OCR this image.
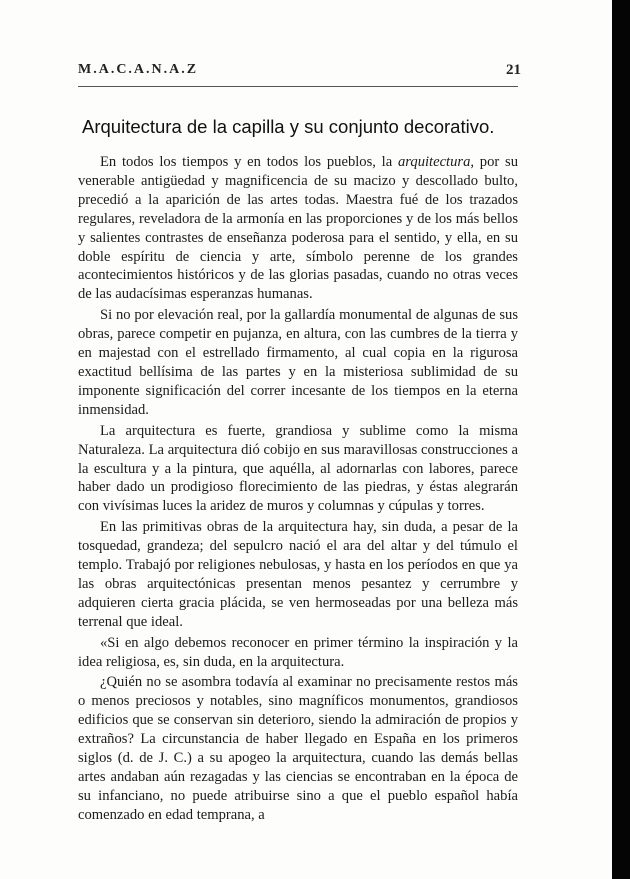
M.A.C.A.N.A.Z	21
Arquitectura de la capilla y su conjunto decorativo.

En todos los tiempos y en todos los pueblos, la arquitectura, por su venerable antigüedad y magnificencia de su macizo y descollado bulto, precedió a la aparición de las artes todas. Maestra fué de los trazados regulares, reveladora de la armonía en las proporciones y de los más bellos y salientes contrastes de enseñanza poderosa para el sentido, y ella, en su doble espíritu de ciencia y arte, símbolo perenne de los grandes acontecimientos históricos y de las glorias pasadas, cuando no otras veces de las audacísimas esperanzas humanas.

Si no por elevación real, por la gallardía monumental de algunas de sus obras, parece competir en pujanza, en altura, con las cumbres de la tierra y en majestad con el estrellado firmamento, al cual copia en la rigurosa exactitud bellísima de las partes y en la misteriosa sublimidad de su imponente significación del correr incesante de los tiempos en la eterna inmensidad.

La arquitectura es fuerte, grandiosa y sublime como la misma Naturaleza. La arquitectura dió cobijo en sus maravillosas construcciones a la escultura y a la pintura, que aquélla, al adornarlas con labores, parece haber dado un prodigioso florecimiento de las piedras, y éstas alegrarán con vivísimas luces la aridez de muros y columnas y cúpulas y torres.

En las primitivas obras de la arquitectura hay, sin duda, a pesar de la tosquedad, grandeza; del sepulcro nació el ara del altar y del túmulo el templo. Trabajó por religiones nebulosas, y hasta en los períodos en que ya las obras arquitectónicas presentan menos pesantez y cerrumbre y adquieren cierta gracia plácida, se ven hermoseadas por una belleza más terrenal que ideal.

«Si en algo debemos reconocer en primer término la inspiración y la idea religiosa, es, sin duda, en la arquitectura.

¿Quién no se asombra todavía al examinar no precisamente restos más o menos preciosos y notables, sino magníficos monumentos, grandiosos edificios que se conservan sin deterioro, siendo la admiración de propios y extraños? La circunstancia de haber llegado en España en los primeros siglos (d. de J. C.) a su apogeo la arquitectura, cuando las demás bellas artes andaban aún rezagadas y las ciencias se encontraban en la época de su infanciano, no puede atribuirse sino a que el pueblo español había comenzado en edad temprana, a
